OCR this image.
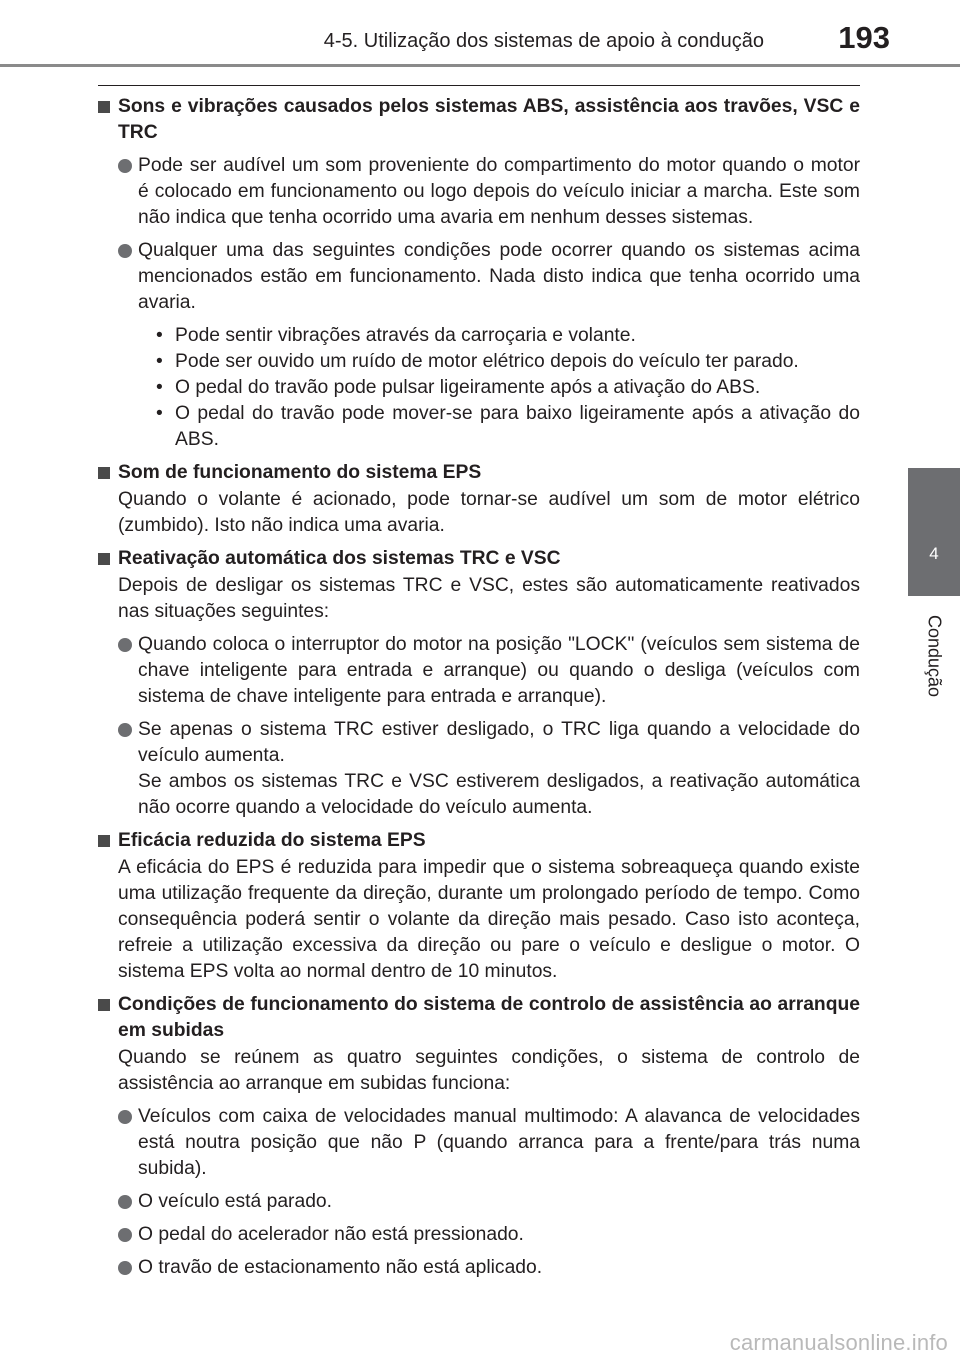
4-5. Utilização dos sistemas de apoio à condução 193
4
Condução
Sons e vibrações causados pelos sistemas ABS, assistência aos travões, VSC e TRC
Pode ser audível um som proveniente do compartimento do motor quando o motor é colocado em funcionamento ou logo depois do veículo iniciar a marcha. Este som não indica que tenha ocorrido uma avaria em nenhum desses sistemas.
Qualquer uma das seguintes condições pode ocorrer quando os sistemas acima mencionados estão em funcionamento. Nada disto indica que tenha ocorrido uma avaria.
• Pode sentir vibrações através da carroçaria e volante.
• Pode ser ouvido um ruído de motor elétrico depois do veículo ter parado.
• O pedal do travão pode pulsar ligeiramente após a ativação do ABS.
• O pedal do travão pode mover-se para baixo ligeiramente após a ativação do ABS.
Som de funcionamento do sistema EPS
Quando o volante é acionado, pode tornar-se audível um som de motor elétrico (zumbido). Isto não indica uma avaria.
Reativação automática dos sistemas TRC e VSC
Depois de desligar os sistemas TRC e VSC, estes são automaticamente reativados nas situações seguintes:
Quando coloca o interruptor do motor na posição "LOCK" (veículos sem sistema de chave inteligente para entrada e arranque) ou quando o desliga (veículos com sistema de chave inteligente para entrada e arranque).
Se apenas o sistema TRC estiver desligado, o TRC liga quando a velocidade do veículo aumenta.
Se ambos os sistemas TRC e VSC estiverem desligados, a reativação automática não ocorre quando a velocidade do veículo aumenta.
Eficácia reduzida do sistema EPS
A eficácia do EPS é reduzida para impedir que o sistema sobreaqueça quando existe uma utilização frequente da direção, durante um prolongado período de tempo. Como consequência poderá sentir o volante da direção mais pesado. Caso isto aconteça, refreie a utilização excessiva da direção ou pare o veículo e desligue o motor. O sistema EPS volta ao normal dentro de 10 minutos.
Condições de funcionamento do sistema de controlo de assistência ao arranque em subidas
Quando se reúnem as quatro seguintes condições, o sistema de controlo de assistência ao arranque em subidas funciona:
Veículos com caixa de velocidades manual multimodo: A alavanca de velocidades está noutra posição que não P (quando arranca para a frente/para trás numa subida).
O veículo está parado.
O pedal do acelerador não está pressionado.
O travão de estacionamento não está aplicado.
carmanualsonline.info
